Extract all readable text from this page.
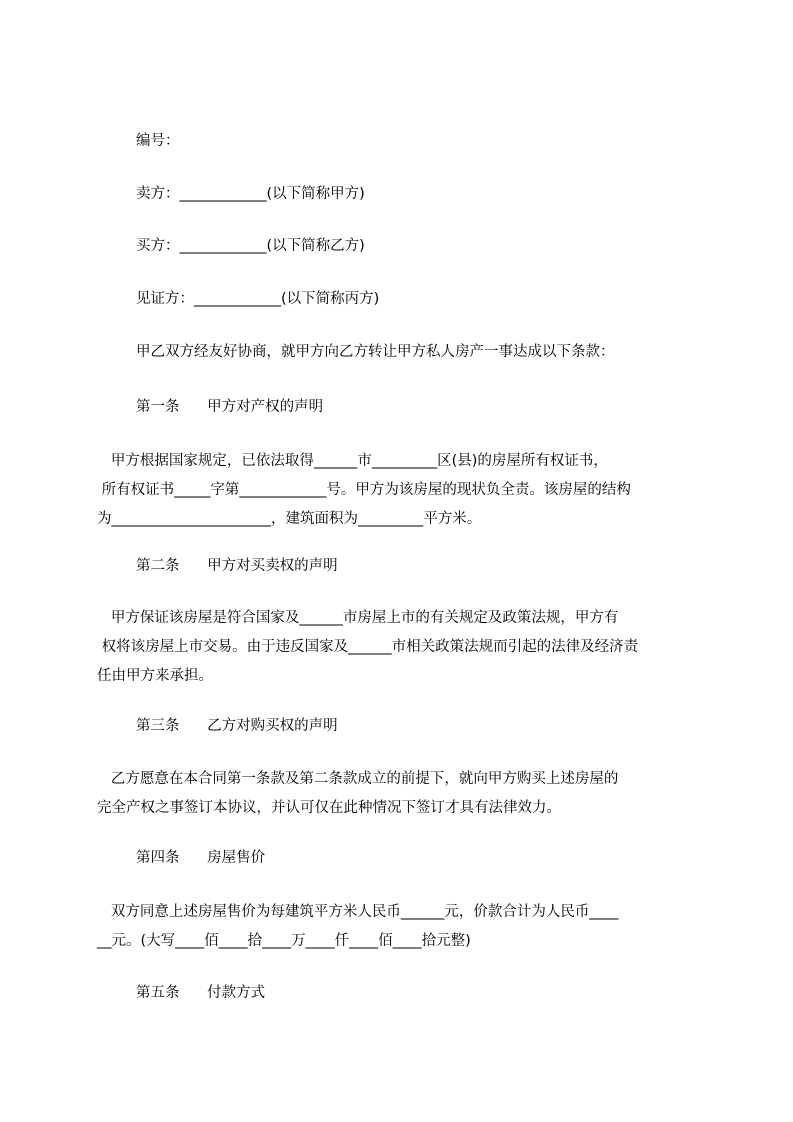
编号：
卖方：____________(以下简称甲方)
买方：____________(以下简称乙方)
见证方：____________(以下简称丙方)
甲乙双方经友好协商，就甲方向乙方转让甲方私人房产一事达成以下条款：
第一条      甲方对产权的声明
甲方根据国家规定，已依法取得______市_________区(县)的房屋所有权证书，
所有权证书_____字第____________号。甲方为该房屋的现状负全责。该房屋的结构
为______________________，建筑面积为_________平方米。
第二条      甲方对买卖权的声明
甲方保证该房屋是符合国家及______市房屋上市的有关规定及政策法规，甲方有
权将该房屋上市交易。由于违反国家及______市相关政策法规而引起的法律及经济责
任由甲方来承担。
第三条      乙方对购买权的声明
乙方愿意在本合同第一条款及第二条款成立的前提下，就向甲方购买上述房屋的
完全产权之事签订本协议，并认可仅在此种情况下签订才具有法律效力。
第四条      房屋售价
双方同意上述房屋售价为每建筑平方米人民币______元，价款合计为人民币____
__元。(大写____佰____拾____万____仟____佰____拾元整)
第五条      付款方式
